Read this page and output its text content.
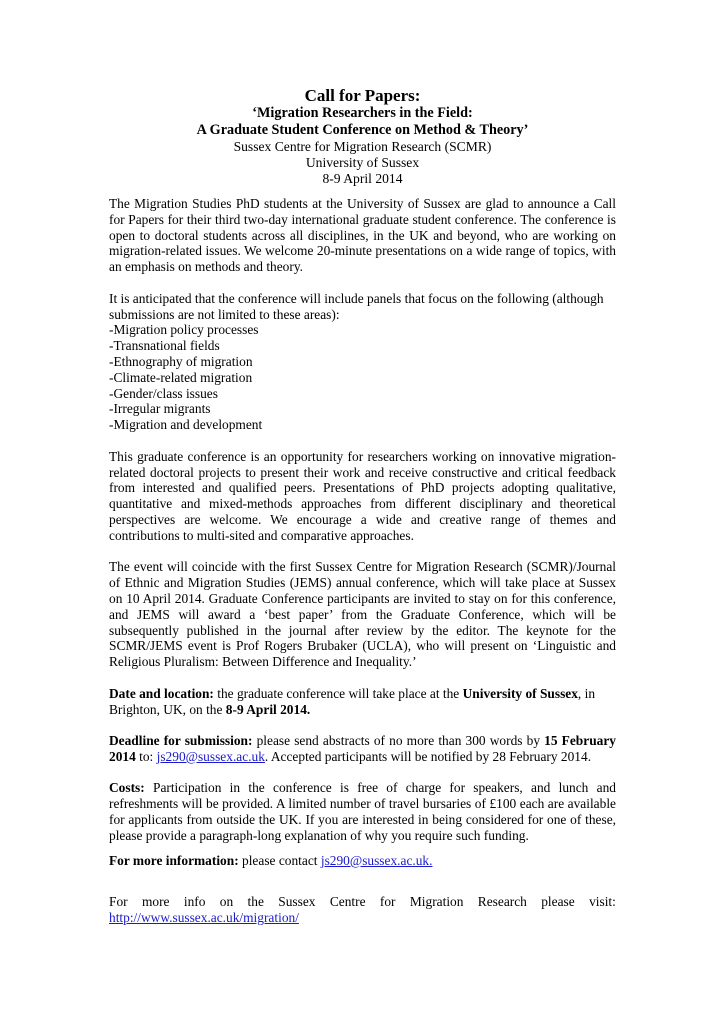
Call for Papers:
‘Migration Researchers in the Field:
A Graduate Student Conference on Method & Theory’
Sussex Centre for Migration Research (SCMR)
University of Sussex
8-9 April 2014

The Migration Studies PhD students at the University of Sussex are glad to announce a Call for Papers for their third two-day international graduate student conference. The conference is open to doctoral students across all disciplines, in the UK and beyond, who are working on migration-related issues. We welcome 20-minute presentations on a wide range of topics, with an emphasis on methods and theory.

It is anticipated that the conference will include panels that focus on the following (although submissions are not limited to these areas):

-Migration policy processes
-Transnational fields
-Ethnography of migration
-Climate-related migration
-Gender/class issues
-Irregular migrants
-Migration and development

This graduate conference is an opportunity for researchers working on innovative migration-related doctoral projects to present their work and receive constructive and critical feedback from interested and qualified peers. Presentations of PhD projects adopting qualitative, quantitative and mixed-methods approaches from different disciplinary and theoretical perspectives are welcome. We encourage a wide and creative range of themes and contributions to multi-sited and comparative approaches.

The event will coincide with the first Sussex Centre for Migration Research (SCMR)/Journal of Ethnic and Migration Studies (JEMS) annual conference, which will take place at Sussex on 10 April 2014. Graduate Conference participants are invited to stay on for this conference, and JEMS will award a ‘best paper’ from the Graduate Conference, which will be subsequently published in the journal after review by the editor. The keynote for the SCMR/JEMS event is Prof Rogers Brubaker (UCLA), who will present on ‘Linguistic and Religious Pluralism: Between Difference and Inequality.’

Date and location: the graduate conference will take place at the University of Sussex, in Brighton, UK, on the 8-9 April 2014.

Deadline for submission: please send abstracts of no more than 300 words by 15 February 2014 to: js290@sussex.ac.uk. Accepted participants will be notified by 28 February 2014.

Costs: Participation in the conference is free of charge for speakers, and lunch and refreshments will be provided. A limited number of travel bursaries of £100 each are available for applicants from outside the UK. If you are interested in being considered for one of these, please provide a paragraph-long explanation of why you require such funding.

For more information: please contact js290@sussex.ac.uk.

For more info on the Sussex Centre for Migration Research please visit:
http://www.sussex.ac.uk/migration/
